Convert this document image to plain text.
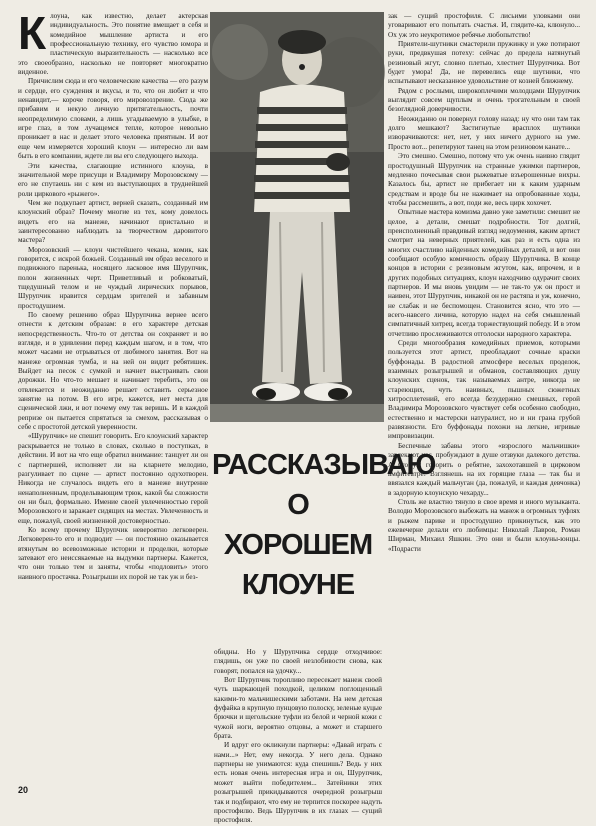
Клоуна, как известно, делает актерская индивидуальность. Это понятие вмещает в себя и комедийное мышление артиста и его профессиональную технику, его чувство юмора и пластическую выразительность — насколько все это своеобразно, насколько не повторяет многократно виденное.

Причислим сюда и его человеческие качества — его разум и сердце, его суждения и вкусы, и то, что он любит и что ненавидит,— короче говоря, его мировоззрение. Сюда же прибавим и некую личную притягательность, почти неопределимую словами, а лишь угадываемую в улыбке, в игре глаз, в том лучащемся тепле, которое невольно проникает в нас и делает этого человека приятным. И вот еще чем измеряется хороший клоун — интересно ли вам быть в его компании, ждете ли вы его следующего выхода.

Эти качества, слагающие истинного клоуна, в значительной мере присущи и Владимиру Морозовскому — его не спутаешь ни с кем из выступающих в труднейшей роли циркового «рыжего».

Чем же подкупает артист, верней сказать, созданный им клоунский образ? Почему многие из тех, кому довелось видеть его на манеже, начинают пристально и заинтересованно наблюдать за творчеством даровитого мастера?

Морозовский — клоун чистейшего чекана, комик, как говорится, с искрой божьей. Созданный им образ веселого и подвижного паренька, носящего ласковое имя Шурупчик, полон жизненных черт. Приветливый и робковатый, тщедушный телом и не чуждый лирических порывов, Шурупчик нравится сердцам зрителей и забавным простодушием.

По своему решению образ Шурупчика вернее всего отнести к детским образам: в его характере детская непосредственность. Что-то от детства он сохраняет и во взгляде, и в удивлении перед каждым шагом, и в том, что может часами не отрываться от любимого занятия. Вот на манеже огромная тумба, и на ней он видит ребятишек. Выйдет на песок с сумкой и начнет выстраивать свои дорожки. Но что-то мешает и начинает теребить, это он отвлекается и неожиданно решает оставить серьезное занятие на потом. В его игре, кажется, нет места для сценической лжи, и вот почему ему так веришь. И в каждой репризе он пытается спрятаться за смехом, рассказывая о себе с простотой детской уверенности.

«Шурупчик» не спешит говорить. Его клоунский характер раскрывается не только в словах, сколько в поступках, в действии. И вот на что еще обратил внимание: танцует ли он с партнершей, исполняет ли на кларнете мелодию, разгуливает по сцене — артист постоянно одухотворен. Никогда не случалось видеть его в манеже внутренне ненаполненным, проделывающим трюк, какой бы сложности он ни был, формально. Имение своей увлеченностью герой Морозовского и заражает сидящих на местах. Увлеченность и еще, пожалуй, своей жизненной достоверностью.

Ко всему прочему Шурупчик невероятно легковерен. Легковерен-то его и подводит — он постоянно оказывается втянутым во всевозможные истории и проделки, которые затевают его неиссякаемые на выдумки партнеры. Кажется, что они только тем и заняты, чтобы «подловить» этого наивного простачка. Розыгрыши их порой не так уж и без-

РАССКАЗЫВАЮ
О ХОРОШЕМ
КЛОУНЕ

обидны. Но у Шурупчика сердце отходчивое: глядишь, он уже по своей незлобивости снова, как говорят, попался на удочку...

Вот Шурупчик торопливо пересекает манеж своей чуть шаркающей походкой, целиком поглощенный какими-то мальчишескими заботами. На нем детская фуфайка в крупную пунцовую полоску, зеленые куцые брючки и щегольские туфли из белой и черной кожи с чужой ноги, вероятно отцовы, а может и старшего брата.

И вдруг его окликнули партнеры: «Давай играть с нами...» Нет, ему некогда. У него дела. Однако партнеры не унимаются: куда спешишь? Ведь у них есть новая очень интересная игра и он, Шурупчик, может выйти победителем... Затейники этих розыгрышей прикидываются очередной розыгрыш так и подбирают, что ему не терпится поскорее надуть простофилю. Ведь Шурупчик в их глазах — сущий простофиля.

зак — сущий простофиля. С лисьими уловками они уговаривают его попытать счастья. И, глядите-ка, клюнуло... Ох уж это неукротимое ребячье любопытство!

Приятели-шутники смастерили пружинку и уже потирают руки, предвкушая потеху: сейчас до предела натянутый резиновый жгут, словно плетью, хлестнет Шурупчика. Вот будет умора! Да, не перевелись еще шутники, что испытывают несказанное удовольствие от козней ближнему.

Рядом с рослыми, широкоплечими молодцами Шурупчик выглядит совсем щуплым и очень трогательным в своей безоглядной доверчивости.

Неожиданно он повернул голову назад: ну что они там так долго мешкают? Застигнутые врасплох шутники изворачиваются: нет, нет, у них ничего дурного на уме. Просто вот... репетируют танец на этом резиновом канате...

Это смешно. Смешно, потому что уж очень наивно глядит простодушный Шурупчик на странные ужимки партнеров, медленно почесывая свои рыжеватые взъерошенные вихры. Казалось бы, артист не прибегает ни к каким ударным средствам и вроде бы не нажимает на опробованные ходы, чтобы рассмешить, а вот, поди же, весь цирк хохочет.

Опытные мастера комизма давно уже заметили: смешит не целое, а детали, смешат подробности. Тот долгий, преисполненный правдивый взгляд недоумения, каким артист смотрит на неверных приятелей, как раз и есть одна из многих счастливо найденных комедийных деталей, и вот они сообщают особую комичность образу Шурупчика. В конце концов в истории с резиновым жгутом, как, впрочем, и в других подобных ситуациях, клоун находчиво одурачит своих партнеров. И мы вновь увидим — не так-то уж он прост и наивен, этот Шурупчик, никакой он не растяпа и уж, конечно, не слабак и не беспомощен. Становится ясно, что это — всего-навсего личина, которую надел на себя смышленый симпатичный хитрец, всегда торжествующий победу. И в этом отчетливо прослеживаются отголоски народного характера.

Среди многообразия комедийных приемов, которыми пользуется этот артист, преобладают сочные краски буффонады. В радостной атмосфере веселых проделок, взаимных розыгрышей и обманов, составляющих душу клоунских сценок, так называемых антре, никогда не стареющих, чуть наивных, пышных сюжетных хитросплетений, его всегда безудержно смешных, герой Владимира Морозовского чувствует себя особенно свободно, естественно и мастерски натуралист, но и ни грана грубой развязности. Его буффонады похожи на легкие, игривые импровизации.

Беспечные забавы этого «взрослого мальчишки» завлекают нас, пробуждают в душе отзвуки далекого детства. А что уж говорить о ребятне, захохотавшей в цирковом амфитеатре! Взглянешь на их горящие глаза — так бы и ввязался каждый мальчуган (да, пожалуй, и каждая девчонка) в задорную клоунскую чехарду...

Столь же властно тянуло в свое время и иного музыканта. Володю Морозовского выбежать на манеж в огромных туфлях и рыжем парике и простодушно прикинуться, как это ежевечерне делали его любимцы: Николай Лавров, Роман Ширман, Михаил Яшкин. Это они и были клоуны-юнцы. «Подрасти

20
